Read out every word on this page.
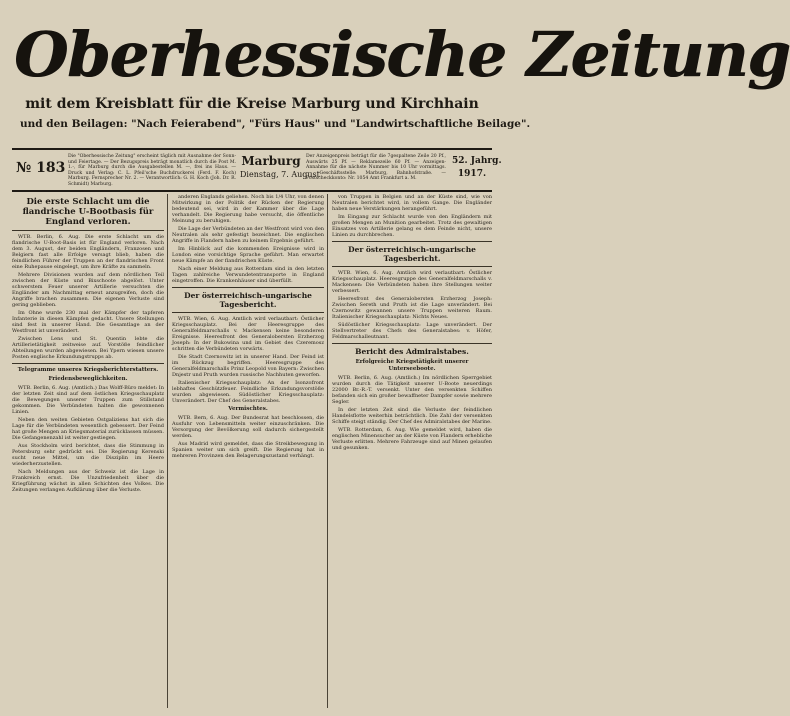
Oberhessische Zeitung
mit dem Kreisblatt für die Kreise Marburg und Kirchhain
und den Beilagen: "Nach Feierabend", "Fürs Haus" und "Landwirtschaftliche Beilage".
№ 183
Die "Oberhessische Zeitung" erscheint täglich mit Ausnahme der Sonn- und Feiertage. — Der Bezugspreis beträgt monatlich durch die Post M. 1.-, für Marburg durch die Ausgabestellen M. —, frei ins Haus. — Druck und Verlag: C. L. Pfeil'sche Buchdruckerei (Ferd. F. Koch) Marburg. Fernsprecher Nr. 2. — Verantwortlich: G. H. Koch (Joh. Dr. R. Schmidt) Marburg.
Marburg
Dienstag, 7. August
Der Anzeigenpreis beträgt für die 7gespaltene Zeile 20 Pf., Auswärts 25 Pf. — Reklamezeile 60 Pf. — Anzeigen-Annahme für die nächste Nummer bis 10 Uhr vormittags. — Geschäftsstelle: Marburg, Bahnhofstraße. — Postscheckkonto: Nr. 1054 Amt Frankfurt a. M.
52. Jahrg.
1917.
Die erste Schlacht um die flandrische U-Bootbasis für England verloren.

WTB. Berlin, 6. Aug. Die erste Schlacht um die flandrische U-Boot-Basis ist für England verloren. Nach dem 3. August, der beiden Engländern, Franzosen und Belgiern fast alle Erfolge versagt blieb, haben die feindlichen Führer der Truppen an der flandrischen Front eine Ruhepause eingelegt, um ihre Kräfte zu sammeln.

Mehrere Divisionen wurden auf dem nördlichen Teil zwischen der Küste und Bixschoote abgelöst. Unter schwerstem Feuer unserer Artillerie versuchten die Engländer am Nachmittag erneut anzugreifen, doch die Angriffe brachen zusammen. Die eigenen Verluste sind gering geblieben.

Im Ohne wurde 230 mal der Kämpfer der tapferen Infanterie in diesen Kämpfen gedacht. Unsere Stellungen sind fest in unserer Hand. Die Gesamtlage an der Westfront ist unverändert.

Zwischen Lens und St. Quentin lebte die Artillerietätigkeit zeitweise auf. Vorstöße feindlicher Abteilungen wurden abgewiesen. Bei Ypern wiesen unsere Posten englische Erkundungstrupps ab.

Telegramme unseres Kriegsberichterstatters.
Friedensbeweglichkeiten.

WTB. Berlin, 6. Aug. (Amtlich.) Das Wolff-Büro meldet: In der letzten Zeit sind auf dem östlichen Kriegsschauplatz die Bewegungen unserer Truppen zum Stillstand gekommen. Die Verbündeten halten die gewonnenen Linien.

Neben den weiten Gebieten Ostgaliziens hat sich die Lage für die Verbündeten wesentlich gebessert. Der Feind hat große Mengen an Kriegsmaterial zurücklassen müssen. Die Gefangenenzahl ist weiter gestiegen.

Aus Stockholm wird berichtet, dass die Stimmung in Petersburg sehr gedrückt sei. Die Regierung Kerenski sucht neue Mittel, um die Disziplin im Heere wiederherzustellen.

Nach Meldungen aus der Schweiz ist die Lage in Frankreich ernst. Die Unzufriedenheit über die Kriegführung wächst in allen Schichten des Volkes. Die Zeitungen verlangen Aufklärung über die Verluste.

anderen Englands geliehen. Noch bis 1/4 Uhr, von denen Mitwirkung in der Politik der Rücken der Regierung bedeutend sei, wird in der Kammer über die Lage verhandelt. Die Regierung habe versucht, die öffentliche Meinung zu beruhigen.

Die Lage der Verbündeten an der Westfront wird von den Neutralen als sehr gefestigt bezeichnet. Die englischen Angriffe in Flandern haben zu keinem Ergebnis geführt.

Im Hinblick auf die kommenden Ereignisse wird in London eine vorsichtige Sprache geführt. Man erwartet neue Kämpfe an der flandrischen Küste.

Nach einer Meldung aus Rotterdam sind in den letzten Tagen zahlreiche Verwundetentransporte in England eingetroffen. Die Krankenhäuser sind überfüllt.

Der österreichisch-ungarische Tagesbericht.

WTB. Wien, 6. Aug. Amtlich wird verlautbart: Östlicher Kriegsschauplatz. Bei der Heeresgruppe des Generalfeldmarschalls v. Mackensen keine besonderen Ereignisse. Heeresfront des Generalobersten Erzherzog Joseph: In der Bukowina und im Gebiet des Czeremosz schritten die Verbündeten vorwärts.

Die Stadt Czernowitz ist in unserer Hand. Der Feind ist im Rückzug begriffen. Heeresgruppe des Generalfeldmarschalls Prinz Leopold von Bayern: Zwischen Dnjestr und Pruth wurden russische Nachhuten geworfen.

Italienischer Kriegsschauplatz: An der Isonzofront lebhaftes Geschützfeuer. Feindliche Erkundungsvorstöße wurden abgewiesen. Südöstlicher Kriegsschauplatz: Unverändert. Der Chef des Generalstabes.

Vermischtes.

WTB. Bern, 6. Aug. Der Bundesrat hat beschlossen, die Ausfuhr von Lebensmitteln weiter einzuschränken. Die Versorgung der Bevölkerung soll dadurch sichergestellt werden.

Aus Madrid wird gemeldet, dass die Streikbewegung in Spanien weiter um sich greift. Die Regierung hat in mehreren Provinzen den Belagerungszustand verhängt.

von Truppen in Belgien und an der Küste sind, wie von Neutralen berichtet wird, in vollem Gange. Die Engländer haben neue Verstärkungen herangeführt.

Im Eingang zur Schlacht wurde von den Engländern mit großen Mengen an Munition gearbeitet. Trotz des gewaltigen Einsatzes von Artillerie gelang es dem Feinde nicht, unsere Linien zu durchbrechen.

Der österreichisch-ungarische Tagesbericht.

WTB. Wien, 6. Aug. Amtlich wird verlautbart: Östlicher Kriegsschauplatz. Heeresgruppe des Generalfeldmarschalls v. Mackensen: Die Verbündeten haben ihre Stellungen weiter verbessert.

Heeresfront des Generalobersten Erzherzog Joseph: Zwischen Sereth und Pruth ist die Lage unverändert. Bei Czernowitz gewannen unsere Truppen weiteren Raum. Italienischer Kriegsschauplatz: Nichts Neues.

Südöstlicher Kriegsschauplatz: Lage unverändert. Der Stellvertreter des Chefs des Generalstabes: v. Höfer, Feldmarschalleutnant.

Bericht des Admiralstabes.
Erfolgreiche Kriegstätigkeit unserer Unterseeboote.

WTB. Berlin, 6. Aug. (Amtlich.) Im nördlichen Sperrgebiet wurden durch die Tätigkeit unserer U-Boote neuerdings 22000 Br.-R.-T. versenkt. Unter den versenkten Schiffen befanden sich ein großer bewaffneter Dampfer sowie mehrere Segler.

In der letzten Zeit sind die Verluste der feindlichen Handelsflotte weiterhin beträchtlich. Die Zahl der versenkten Schiffe steigt ständig. Der Chef des Admiralstabes der Marine.

WTB. Rotterdam, 6. Aug. Wie gemeldet wird, haben die englischen Minensucher an der Küste von Flandern erhebliche Verluste erlitten. Mehrere Fahrzeuge sind auf Minen gelaufen und gesunken.
